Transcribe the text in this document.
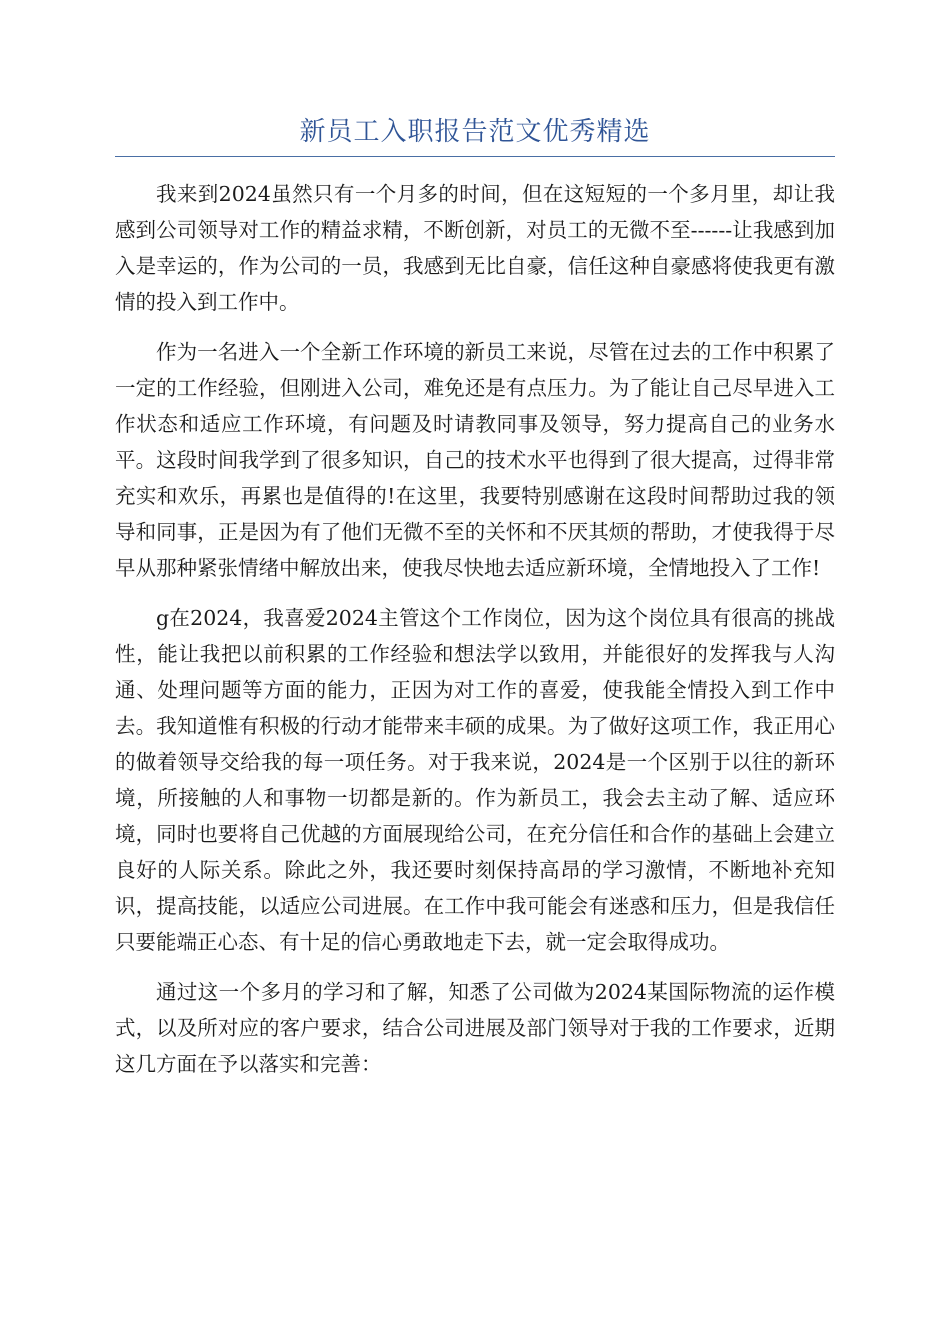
新员工入职报告范文优秀精选

我来到2024虽然只有一个月多的时间，但在这短短的一个多月里，却让我感到公司领导对工作的精益求精，不断创新，对员工的无微不至------让我感到加入是幸运的，作为公司的一员，我感到无比自豪，信任这种自豪感将使我更有激情的投入到工作中。

作为一名进入一个全新工作环境的新员工来说，尽管在过去的工作中积累了一定的工作经验，但刚进入公司，难免还是有点压力。为了能让自己尽早进入工作状态和适应工作环境，有问题及时请教同事及领导，努力提高自己的业务水平。这段时间我学到了很多知识，自己的技术水平也得到了很大提高，过得非常充实和欢乐，再累也是值得的!在这里，我要特别感谢在这段时间帮助过我的领导和同事，正是因为有了他们无微不至的关怀和不厌其烦的帮助，才使我得于尽早从那种紧张情绪中解放出来，使我尽快地去适应新环境，全情地投入了工作!

g在2024，我喜爱2024主管这个工作岗位，因为这个岗位具有很高的挑战性，能让我把以前积累的工作经验和想法学以致用，并能很好的发挥我与人沟通、处理问题等方面的能力，正因为对工作的喜爱，使我能全情投入到工作中去。我知道惟有积极的行动才能带来丰硕的成果。为了做好这项工作，我正用心的做着领导交给我的每一项任务。对于我来说，2024是一个区别于以往的新环境，所接触的人和事物一切都是新的。作为新员工，我会去主动了解、适应环境，同时也要将自己优越的方面展现给公司，在充分信任和合作的基础上会建立良好的人际关系。除此之外，我还要时刻保持高昂的学习激情，不断地补充知识，提高技能，以适应公司进展。在工作中我可能会有迷惑和压力，但是我信任只要能端正心态、有十足的信心勇敢地走下去，就一定会取得成功。

通过这一个多月的学习和了解，知悉了公司做为2024某国际物流的运作模式，以及所对应的客户要求，结合公司进展及部门领导对于我的工作要求，近期这几方面在予以落实和完善：
